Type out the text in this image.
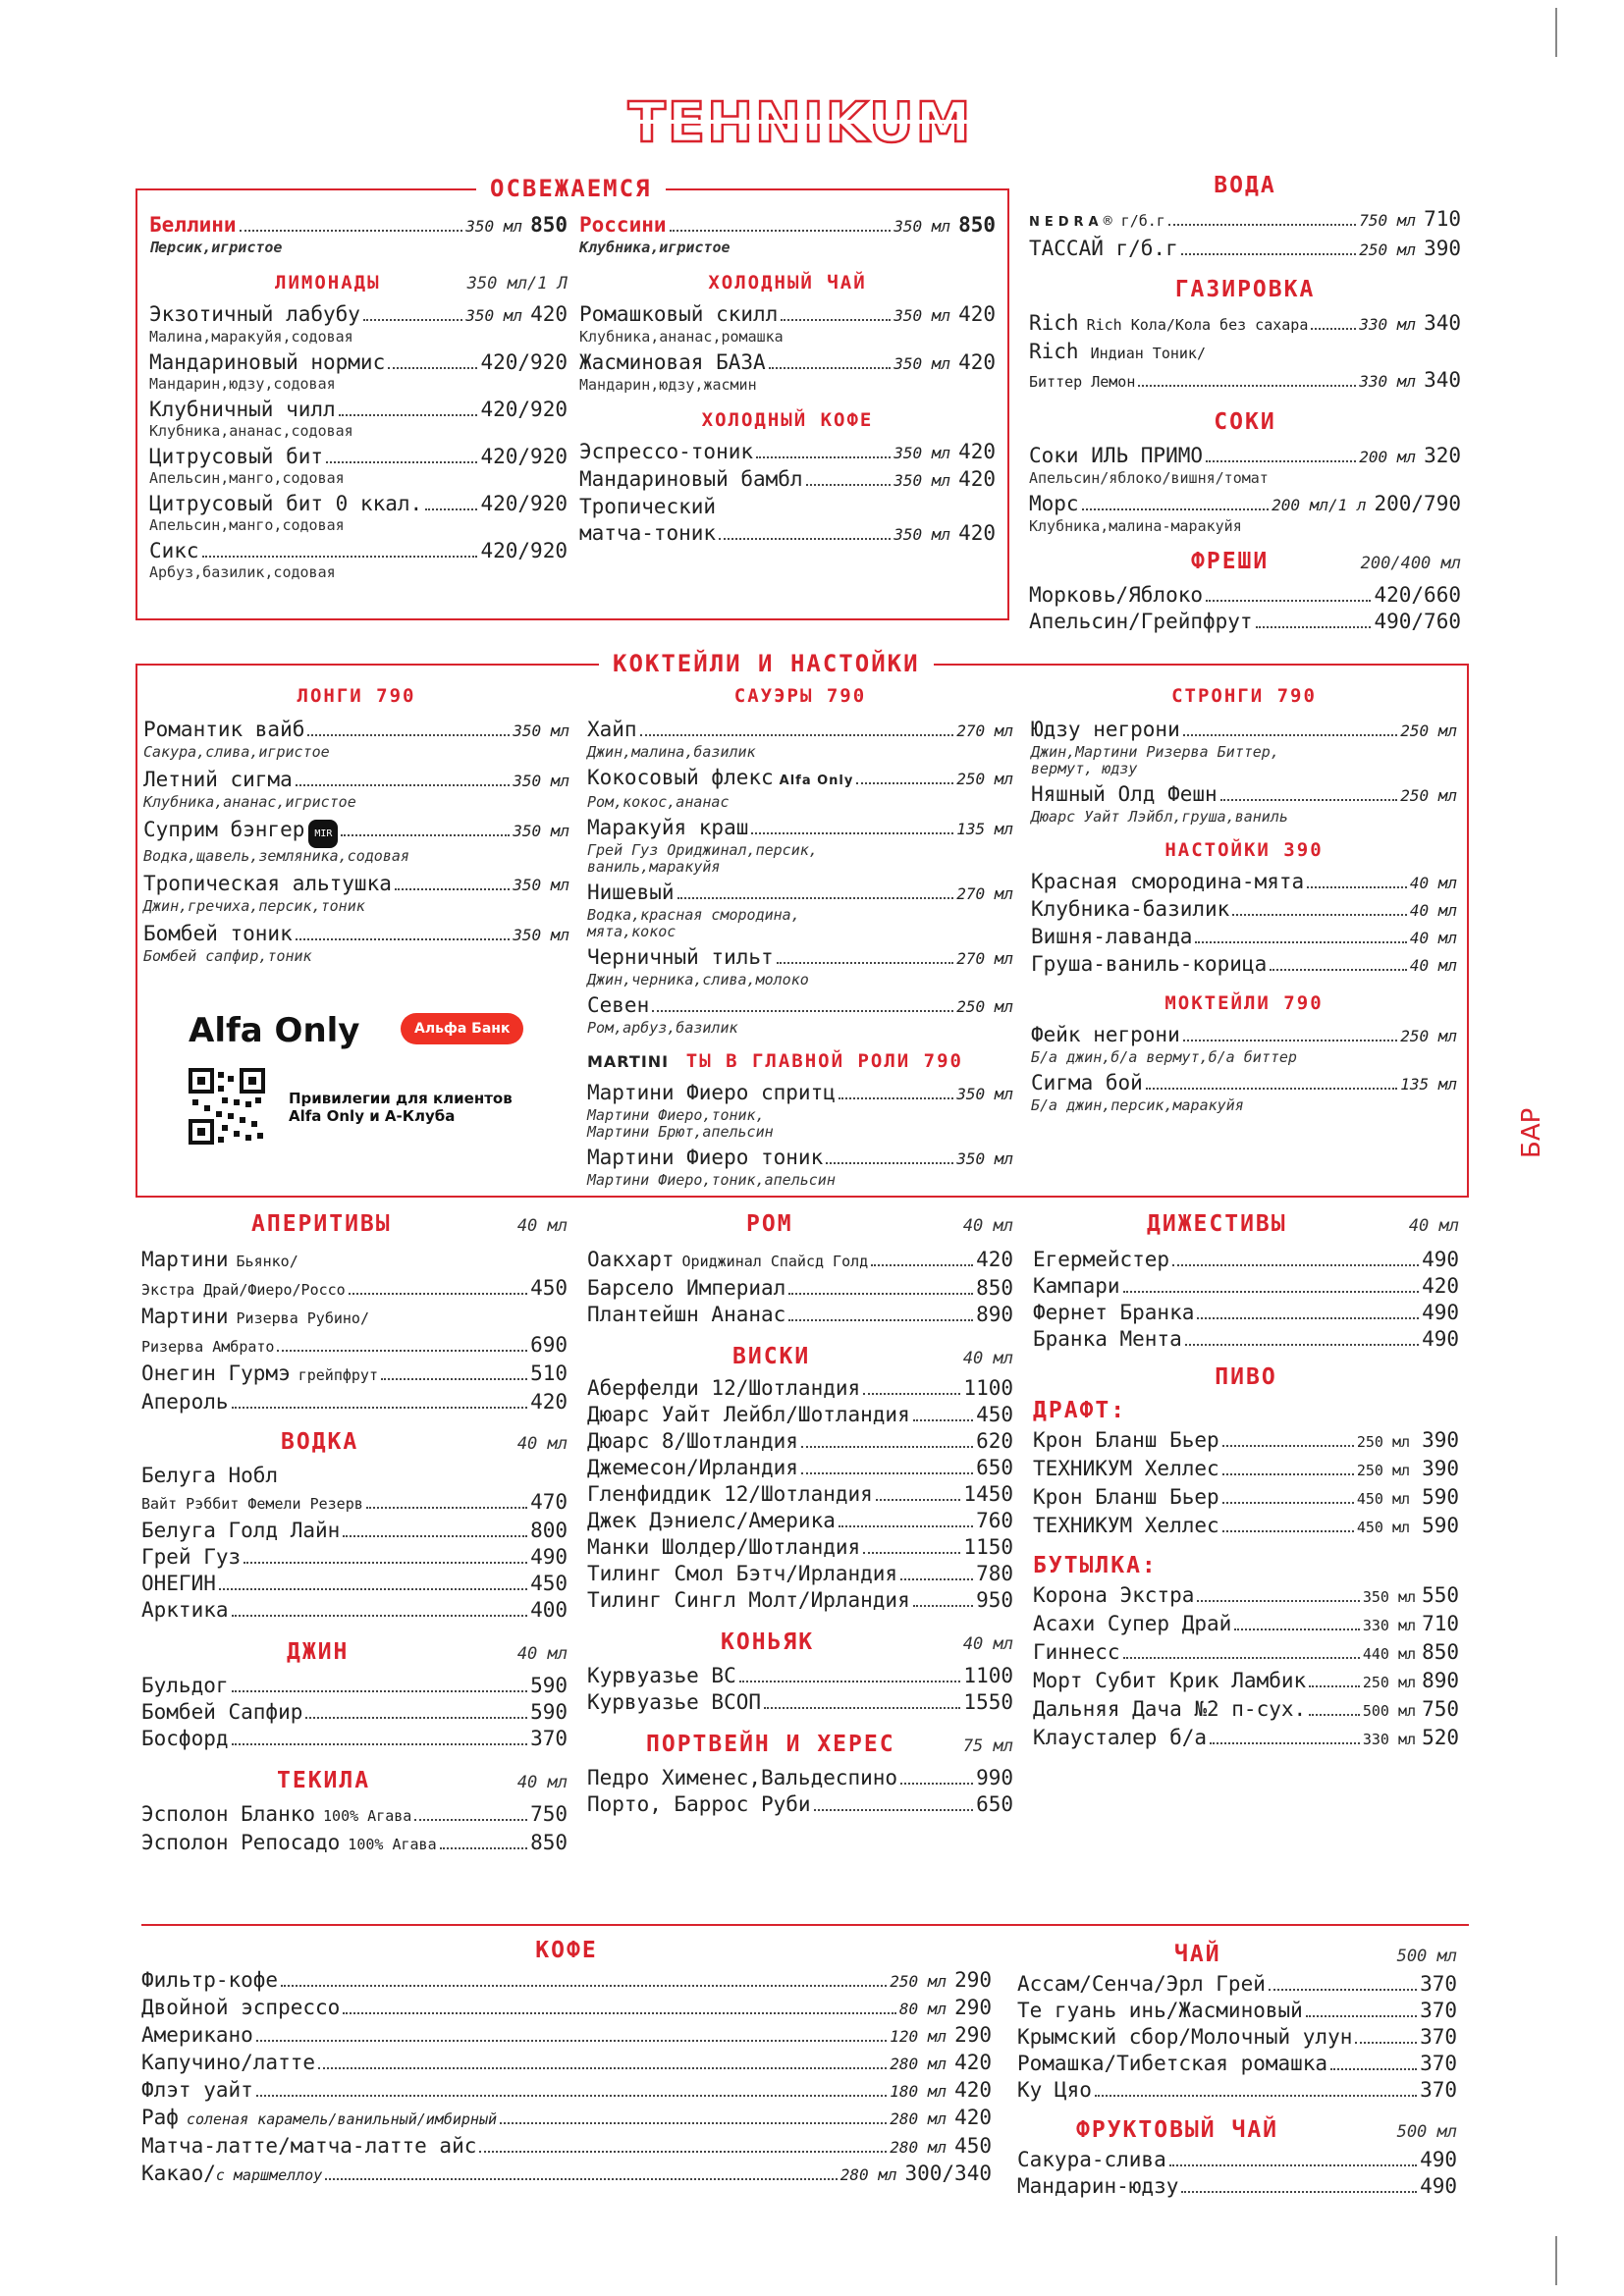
TEHNIKUM
БАР
ОСВЕЖАЕМСЯ
Беллини	350 мл 850
Персик,игристое
ЛИМОНАДЫ	350 мл/1 Л
Экзотичный лабубу	350 мл 420
Малина,маракуйя,содовая
Мандариновый нормис	420/920
Мандарин,юдзу,содовая
Клубничный чилл	420/920
Клубника,ананас,содовая
Цитрусовый бит	420/920
Апельсин,манго,содовая
Цитрусовый бит 0 ккал.	420/920
Апельсин,манго,содовая
Сикс	420/920
Арбуз,базилик,содовая
Россини	350 мл 850
Клубника,игристое
ХОЛОДНЫЙ ЧАЙ
Ромашковый скилл	350 мл 420
Клубника,ананас,ромашка
Жасминовая БАЗА	350 мл 420
Мандарин,юдзу,жасмин
ХОЛОДНЫЙ КОФЕ
Эспрессо-тоник	350 мл 420
Мандариновый бамбл	350 мл 420
Тропический
матча-тоник	350 мл 420
ВОДА
NEDRA ® г/б.г	750 мл 710
ТАССАЙ г/б.г	250 мл 390
ГАЗИРОВКА
Rich Rich Кола/Кола без сахара	330 мл 340
Rich Индиан Тоник/
Биттер Лемон	330 мл 340
СОКИ
Соки ИЛЬ ПРИМО	200 мл 320
Апельсин/яблоко/вишня/томат
Морс	200 мл/1 л 200/790
Клубника,малина-маракуйя
ФРЕШИ	200/400 мл
Морковь/Яблоко	420/660
Апельсин/Грейпфрут	490/760
КОКТЕЙЛИ И НАСТОЙКИ
ЛОНГИ 790
Романтик вайб	350 мл
Сакура,слива,игристое
Летний сигма	350 мл
Клубника,ананас,игристое
Суприм бэнгер	MIR	350 мл
Водка,щавель,земляника,содовая
Тропическая альтушка	350 мл
Джин,гречиха,персик,тоник
Бомбей тоник	350 мл
Бомбей сапфир,тоник
Alfa Only	Альфа Банк
Привилегии для клиентов
Alfa Only и А-Клуба
САУЭРЫ 790
Хайп	270 мл
Джин,малина,базилик
Кокосовый флекс Alfa Only	250 мл
Ром,кокос,ананас
Маракуйя краш	135 мл
Грей Гуз Ориджинал,персик,
ваниль,маракуйя
Нишевый	270 мл
Водка,красная смородина,
мята,кокос
Черничный тильт	270 мл
Джин,черника,слива,молоко
Севен	250 мл
Ром,арбуз,базилик
MARTINI ТЫ В ГЛАВНОЙ РОЛИ 790
Мартини Фиеро спритц	350 мл
Мартини Фиеро,тоник,
Мартини Брют,апельсин
Мартини Фиеро тоник	350 мл
Мартини Фиеро,тоник,апельсин
СТРОНГИ 790
Юдзу негрони	250 мл
Джин,Мартини Ризерва Биттер,
вермут, юдзу
Няшный Олд Фешн	250 мл
Дюарс Уайт Лэйбл,груша,ваниль
НАСТОЙКИ 390
Красная смородина-мята	40 мл
Клубника-базилик	40 мл
Вишня-лаванда	40 мл
Груша-ваниль-корица	40 мл
МОКТЕЙЛИ 790
Фейк негрони	250 мл
Б/а джин,б/а вермут,б/а биттер
Сигма бой	135 мл
Б/а джин,персик,маракуйя
АПЕРИТИВЫ	40 мл
Мартини Бьянко/
Экстра Драй/Фиеро/Россо	450
Мартини Ризерва Рубино/
Ризерва Амбрато	690
Онегин Гурмэ грейпфрут	510
Апероль	420
ВОДКА	40 мл
Белуга Нобл
Вайт Рэббит Фемели Резерв	470
Белуга Голд Лайн	800
Грей Гуз	490
ОНЕГИН	450
Арктика	400
ДЖИН	40 мл
Бульдог	590
Бомбей Сапфир	590
Босфорд	370
ТЕКИЛА	40 мл
Эсполон Бланко 100% Агава	750
Эсполон Репосадо 100% Агава	850
РОМ	40 мл
Оакхарт Ориджинал Спайсд Голд	420
Барсело Империал	850
Плантейшн Ананас	890
ВИСКИ	40 мл
Аберфелди 12/Шотландия	1100
Дюарс Уайт Лейбл/Шотландия	450
Дюарс 8/Шотландия	620
Джемесон/Ирландия	650
Гленфиддик 12/Шотландия	1450
Джек Дэниелс/Америка	760
Манки Шолдер/Шотландия	1150
Тилинг Смол Бэтч/Ирландия	780
Тилинг Сингл Молт/Ирландия	950
КОНЬЯК	40 мл
Курвуазье ВС	1100
Курвуазье ВСОП	1550
ПОРТВЕЙН И ХЕРЕС	75 мл
Педро Хименес,Вальдеспино	990
Порто, Баррос Руби	650
ДИЖЕСТИВЫ	40 мл
Егермейстер	490
Кампари	420
Фернет Бранка	490
Бранка Мента	490
ПИВО
ДРАФТ:
Крон Бланш Бьер	250 мл 390
ТЕХНИКУМ Хеллес	250 мл 390
Крон Бланш Бьер	450 мл 590
ТЕХНИКУМ Хеллес	450 мл 590
БУТЫЛКА:
Корона Экстра	350 мл 550
Асахи Супер Драй	330 мл 710
Гиннесс	440 мл 850
Морт Субит Крик Ламбик	250 мл 890
Дальняя Дача №2 п-сух.	500 мл 750
Клаусталер б/а	330 мл 520
КОФЕ
Фильтр-кофе	250 мл 290
Двойной эспрессо	80 мл 290
Американо	120 мл 290
Капучино/латте	280 мл 420
Флэт уайт	180 мл 420
Раф соленая карамель/ванильный/имбирный	280 мл 420
Матча-латте/матча-латте айс	280 мл 450
Какао/ с маршмеллоу	280 мл 300/340
ЧАЙ	500 мл
Ассам/Сенча/Эрл Грей	370
Те гуань инь/Жасминовый	370
Крымский сбор/Молочный улун	370
Ромашка/Тибетская ромашка	370
Ку Цяо	370
ФРУКТОВЫЙ ЧАЙ	500 мл
Сакура-слива	490
Мандарин-юдзу	490
